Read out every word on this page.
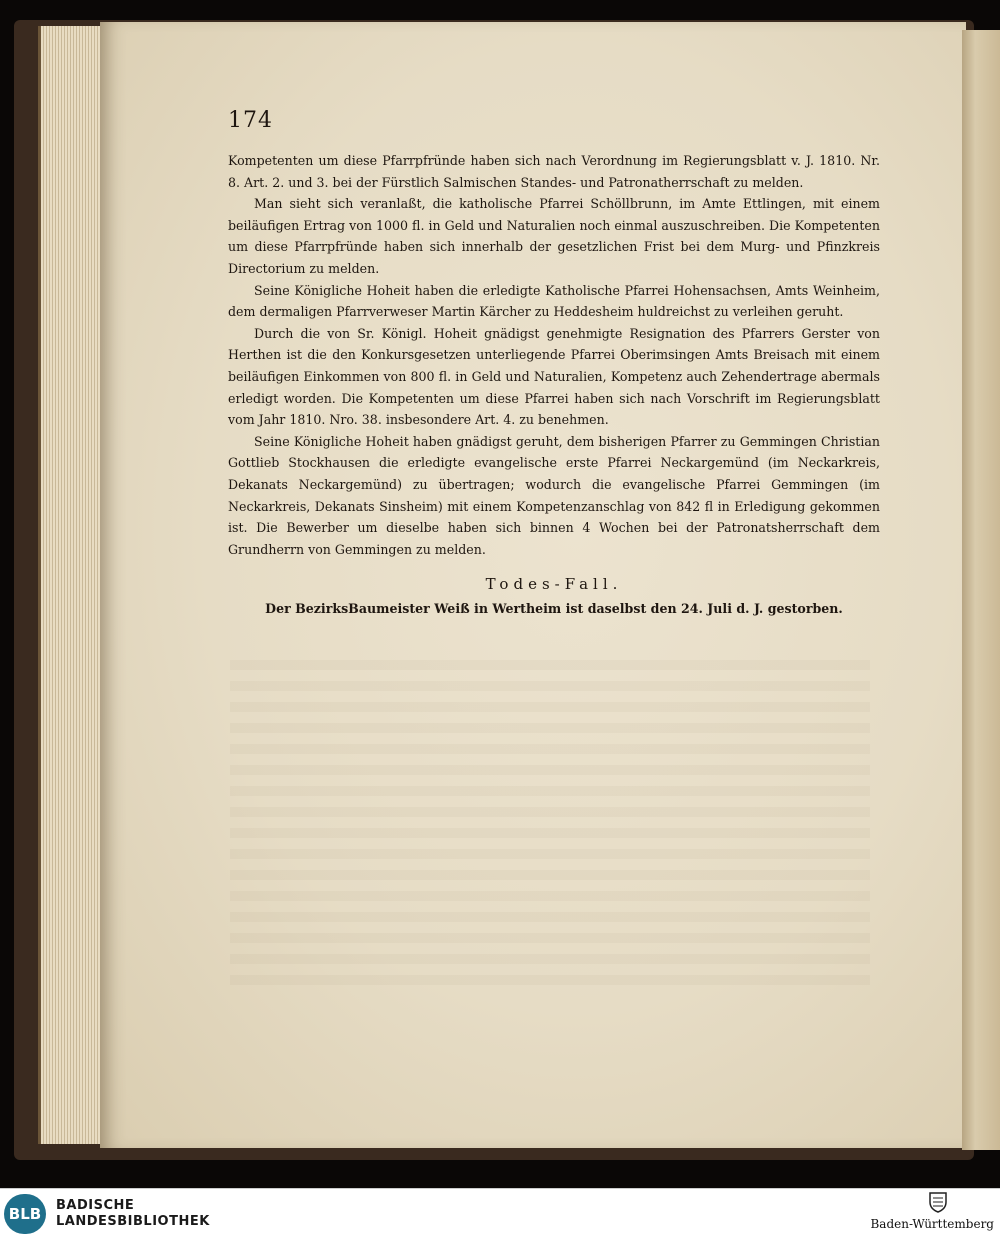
174

Kompetenten um diese Pfarrpfründe haben sich nach Verordnung im Regierungsblatt v. J. 1810. Nr. 8. Art. 2. und 3. bei der Fürstlich Salmischen Standes- und Patronatherrschaft zu melden.

Man sieht sich veranlaßt, die katholische Pfarrei Schöllbrunn, im Amte Ettlingen, mit einem beiläufigen Ertrag von 1000 fl. in Geld und Naturalien noch einmal auszuschreiben. Die Kompetenten um diese Pfarrpfründe haben sich innerhalb der gesetzlichen Frist bei dem Murg- und Pfinzkreis Directorium zu melden.

Seine Königliche Hoheit haben die erledigte Katholische Pfarrei Hohensachsen, Amts Weinheim, dem dermaligen Pfarrverweser Martin Kärcher zu Heddesheim huldreichst zu verleihen geruht.

Durch die von Sr. Königl. Hoheit gnädigst genehmigte Resignation des Pfarrers Gerster von Herthen ist die den Konkursgesetzen unterliegende Pfarrei Oberimsingen Amts Breisach mit einem beiläufigen Einkommen von 800 fl. in Geld und Naturalien, Kompetenz auch Zehendertrage abermals erledigt worden. Die Kompetenten um diese Pfarrei haben sich nach Vorschrift im Regierungsblatt vom Jahr 1810. Nro. 38. insbesondere Art. 4. zu benehmen.

Seine Königliche Hoheit haben gnädigst geruht, dem bisherigen Pfarrer zu Gemmingen Christian Gottlieb Stockhausen die erledigte evangelische erste Pfarrei Neckargemünd (im Neckarkreis, Dekanats Neckargemünd) zu übertragen; wodurch die evangelische Pfarrei Gemmingen (im Neckarkreis, Dekanats Sinsheim) mit einem Kompetenzanschlag von 842 fl in Erledigung gekommen ist. Die Bewerber um dieselbe haben sich binnen 4 Wochen bei der Patronatsherrschaft dem Grundherrn von Gemmingen zu melden.

Todes-Fall.

Der BezirksBaumeister Weiß in Wertheim ist daselbst den 24. Juli d. J. gestorben.

BLB	BADISCHE
LANDESBIBLIOTHEK	Baden-Württemberg
